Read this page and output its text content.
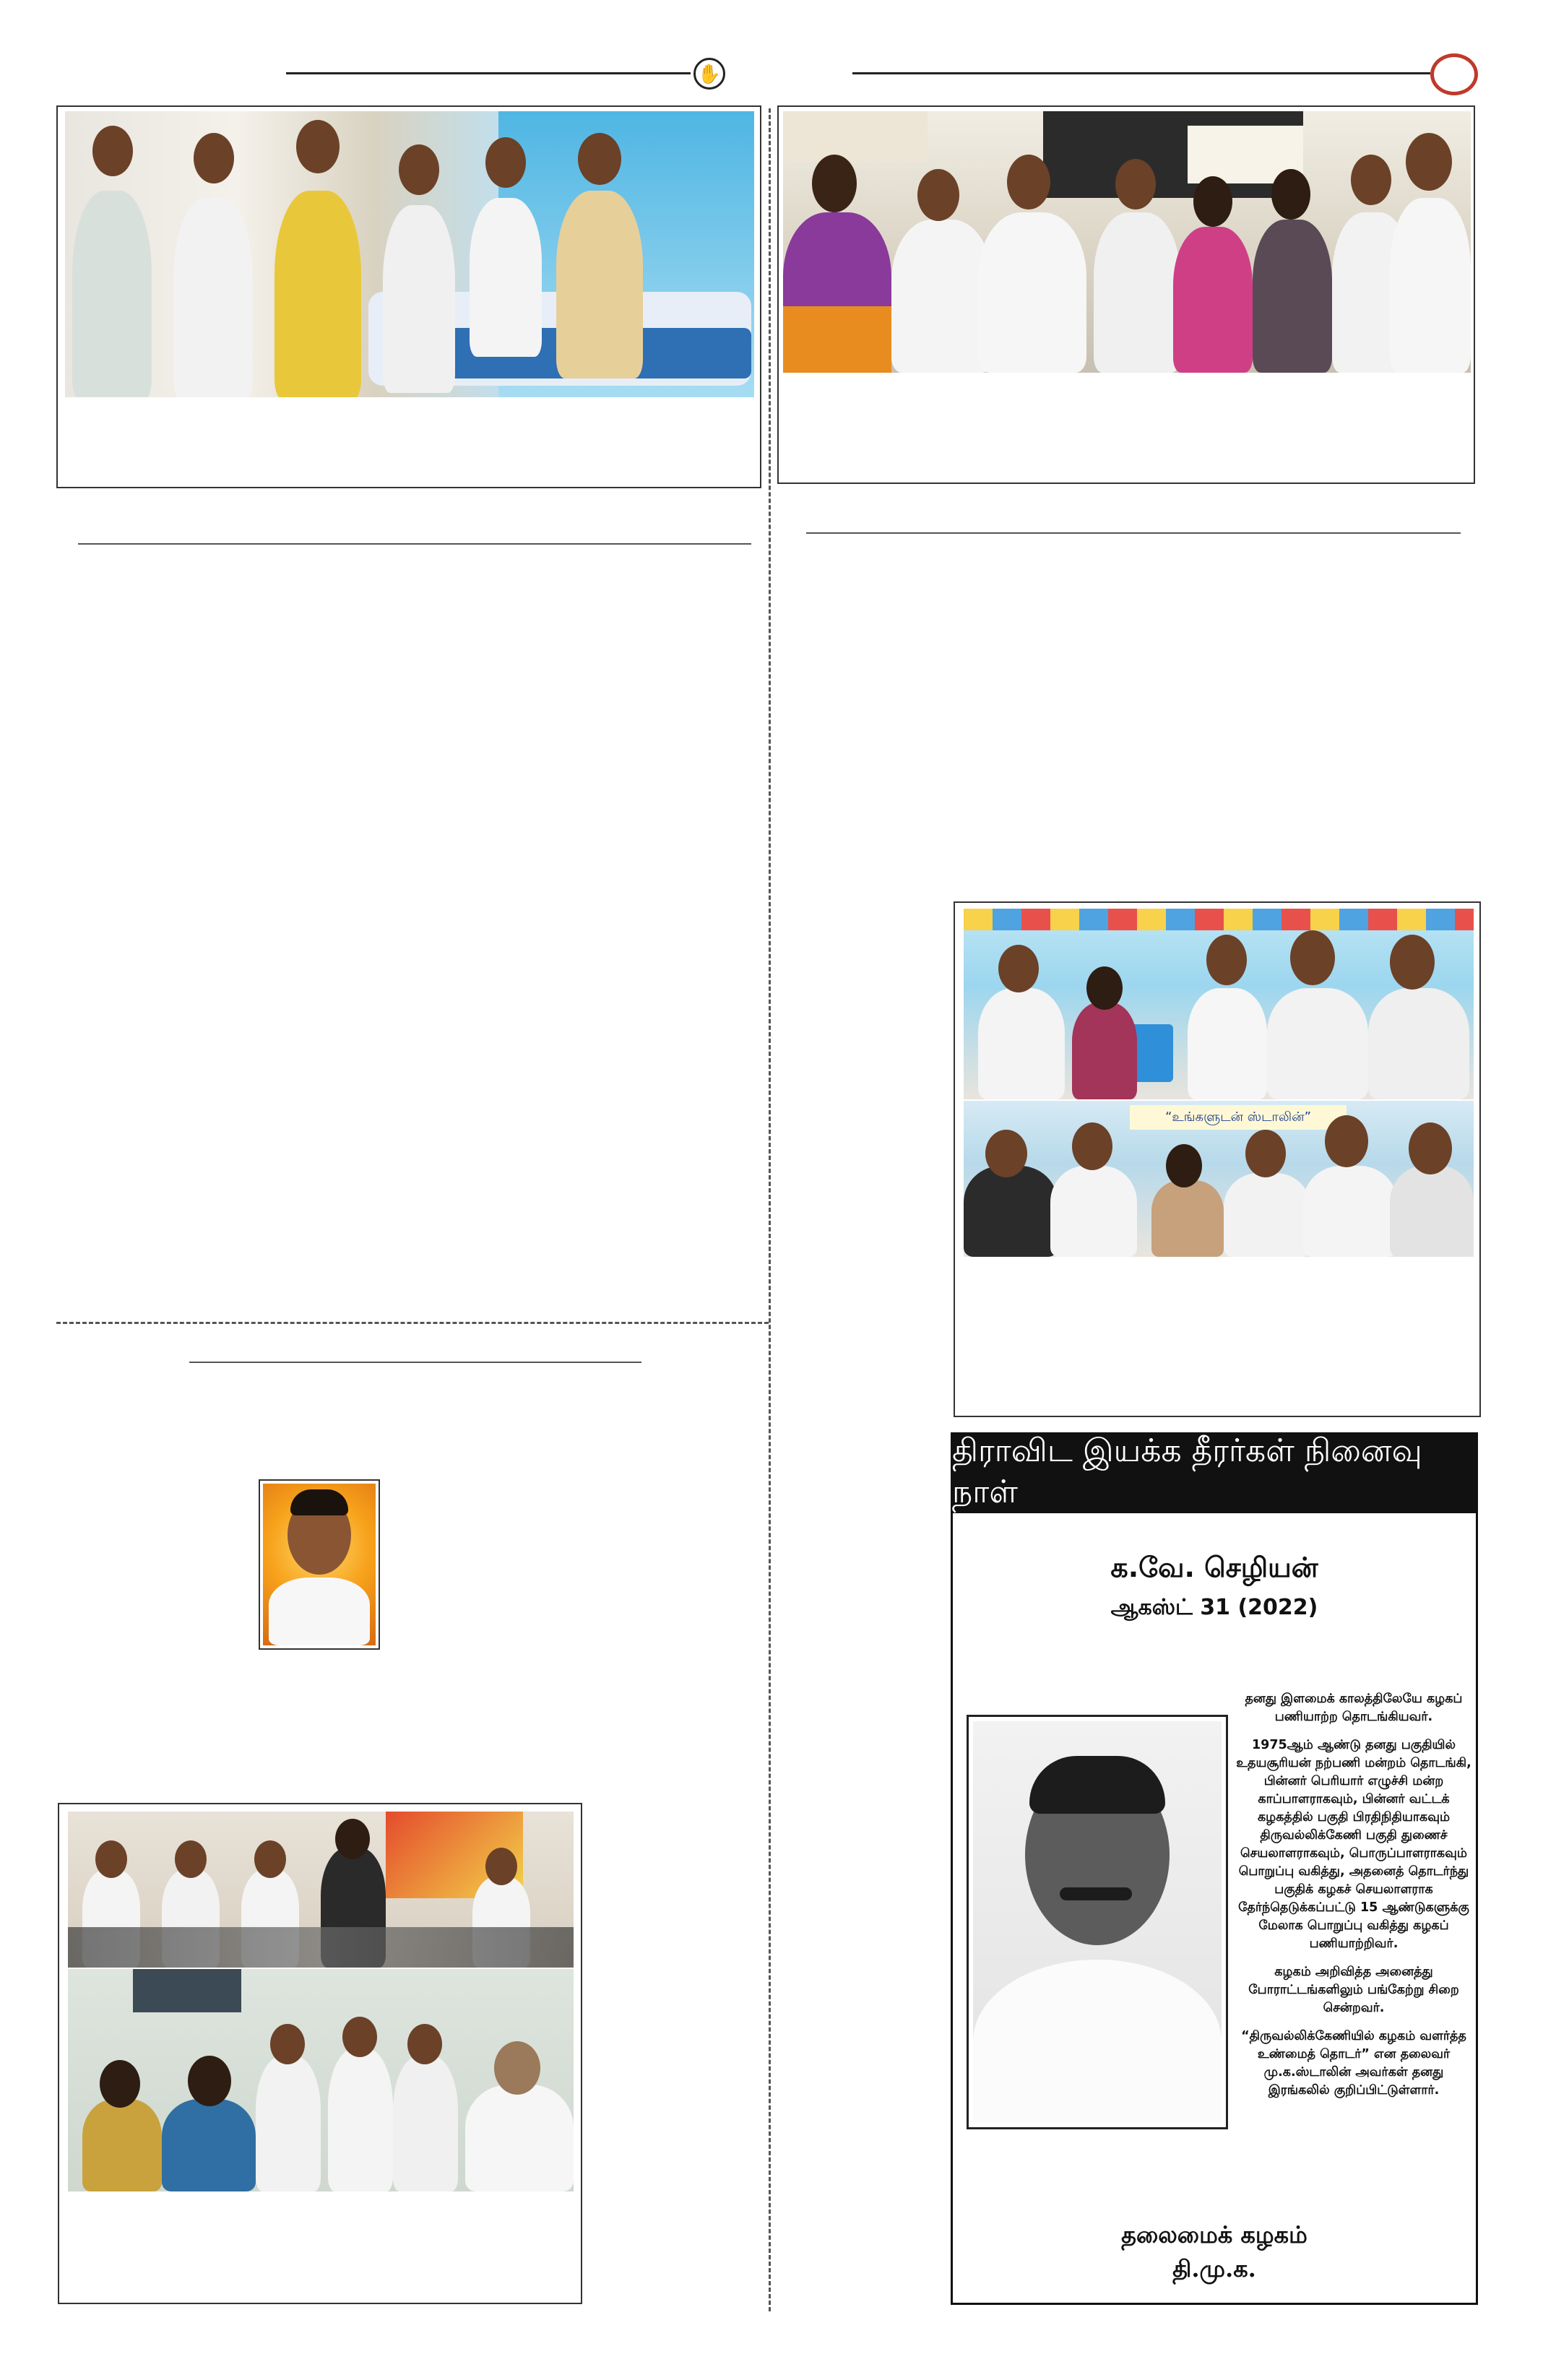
✋
“உங்களுடன் ஸ்டாலின்”
திராவிட இயக்க தீரர்கள் நினைவு நாள்
க.வே. செழியன்
ஆகஸ்ட் 31 (2022)

தனது இளமைக் காலத்திலேயே கழகப் பணியாற்ற தொடங்கியவர்.

1975ஆம் ஆண்டு தனது பகுதியில் உதயசூரியன் நற்பணி மன்றம் தொடங்கி, பின்னர் பெரியார் எழுச்சி மன்ற காப்பாளராகவும், பின்னர் வட்டக் கழகத்தில் பகுதி பிரதிநிதியாகவும் திருவல்லிக்கேணி பகுதி துணைச் செயலாளராகவும், பொருப்பாளராகவும் பொறுப்பு வகித்து, அதனைத் தொடர்ந்து பகுதிக் கழகச் செயலாளராக தேர்ந்தெடுக்கப்பட்டு 15 ஆண்டுகளுக்கு மேலாக பொறுப்பு வகித்து கழகப் பணியாற்றிவர்.

கழகம் அறிவித்த அனைத்து போராட்டங்களிலும் பங்கேற்று சிறை சென்றவர்.

“திருவல்லிக்கேணியில் கழகம் வளர்த்த உண்மைத் தொடர்” என தலைவர் மு.க.ஸ்டாலின் அவர்கள் தனது இரங்கலில் குறிப்பிட்டுள்ளார்.

தலைமைக் கழகம்
தி.மு.க.
